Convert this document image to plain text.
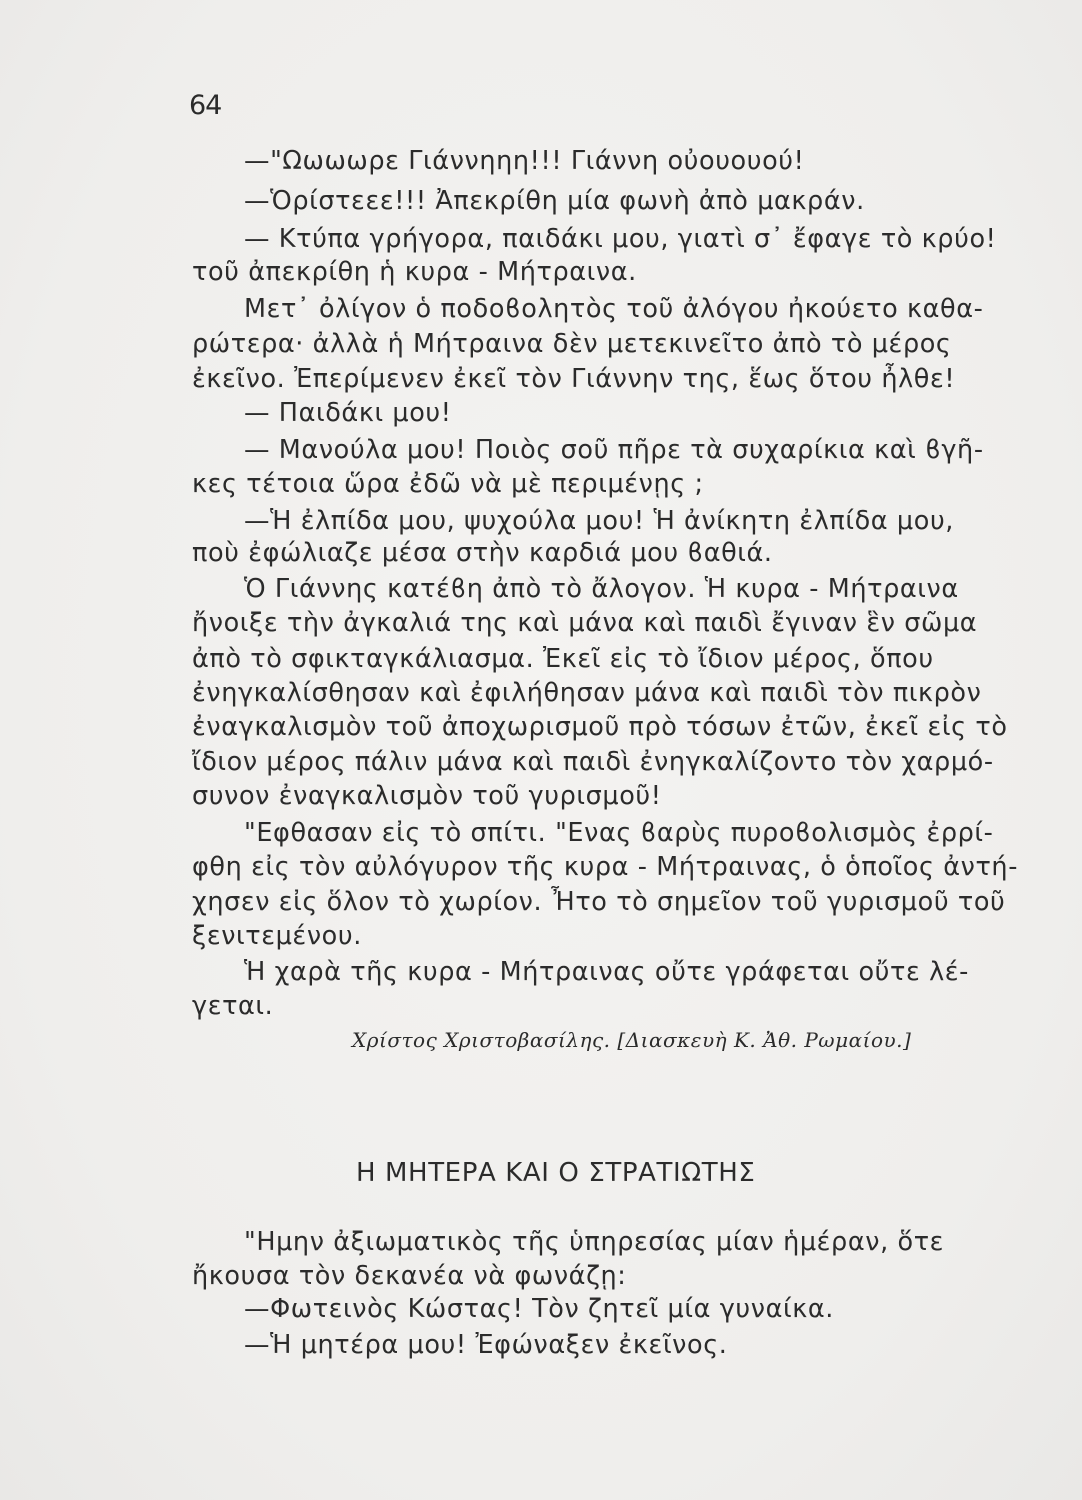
64
—"Ωωωωρε Γιάννηηη!!! Γιάννη οὐουουού!
—Ὁρίστεεε!!! Ἀπεκρίθη μία φωνὴ ἀπὸ μακράν.
— Κτύπα γρήγορα, παιδάκι μου, γιατὶ σ᾿ ἔφαγε τὸ κρύο!
τοῦ ἀπεκρίθη ἡ κυρα - Μήτραινα.
Μετ᾿ ὀλίγον ὁ ποδοϐολητὸς τοῦ ἀλόγου ἠκούετο καθα-
ρώτερα· ἀλλὰ ἡ Μήτραινα δὲν μετεκινεῖτο ἀπὸ τὸ μέρος
ἐκεῖνο. Ἐπερίμενεν ἐκεῖ τὸν Γιάννην της, ἕως ὅτου ἦλθε!
— Παιδάκι μου!
— Μανούλα μου! Ποιὸς σοῦ πῆρε τὰ συχαρίκια καὶ ϐγῆ-
κες τέτοια ὥρα ἐδῶ νὰ μὲ περιμένῃς ;
—Ἡ ἐλπίδα μου, ψυχούλα μου! Ἡ ἀνίκητη ἐλπίδα μου,
ποὺ ἐφώλιαζε μέσα στὴν καρδιά μου ϐαθιά.
Ὁ Γιάννης κατέϐη ἀπὸ τὸ ἄλογον. Ἡ κυρα - Μήτραινα
ἤνοιξε τὴν ἀγκαλιά της καὶ μάνα καὶ παιδὶ ἔγιναν ἓν σῶμα
ἀπὸ τὸ σφικταγκάλιασμα. Ἐκεῖ εἰς τὸ ἴδιον μέρος, ὅπου
ἐνηγκαλίσθησαν καὶ ἐφιλήθησαν μάνα καὶ παιδὶ τὸν πικρὸν
ἐναγκαλισμὸν τοῦ ἀποχωρισμοῦ πρὸ τόσων ἐτῶν, ἐκεῖ εἰς τὸ
ἴδιον μέρος πάλιν μάνα καὶ παιδὶ ἐνηγκαλίζοντο τὸν χαρμό-
συνον ἐναγκαλισμὸν τοῦ γυρισμοῦ!
"Εφθασαν εἰς τὸ σπίτι. "Ενας ϐαρὺς πυροϐολισμὸς ἐρρί-
φθη εἰς τὸν αὐλόγυρον τῆς κυρα - Μήτραινας, ὁ ὁποῖος ἀντή-
χησεν εἰς ὅλον τὸ χωρίον. Ἦτο τὸ σημεῖον τοῦ γυρισμοῦ τοῦ
ξενιτεμένου.
Ἡ χαρὰ τῆς κυρα - Μήτραινας οὔτε γράφεται οὔτε λέ-
γεται.
Χρίστος Χριστοβασίλης. [Διασκευὴ Κ. Ἀθ. Ρωμαίου.]
Η ΜΗΤΕΡΑ ΚΑΙ Ο ΣΤΡΑΤΙΩΤΗΣ
"Ημην ἀξιωματικὸς τῆς ὑπηρεσίας μίαν ἡμέραν, ὅτε
ἤκουσα τὸν δεκανέα νὰ φωνάζῃ:
—Φωτεινὸς Κώστας! Τὸν ζητεῖ μία γυναίκα.
—Ἡ μητέρα μου! Ἐφώναξεν ἐκεῖνος.
